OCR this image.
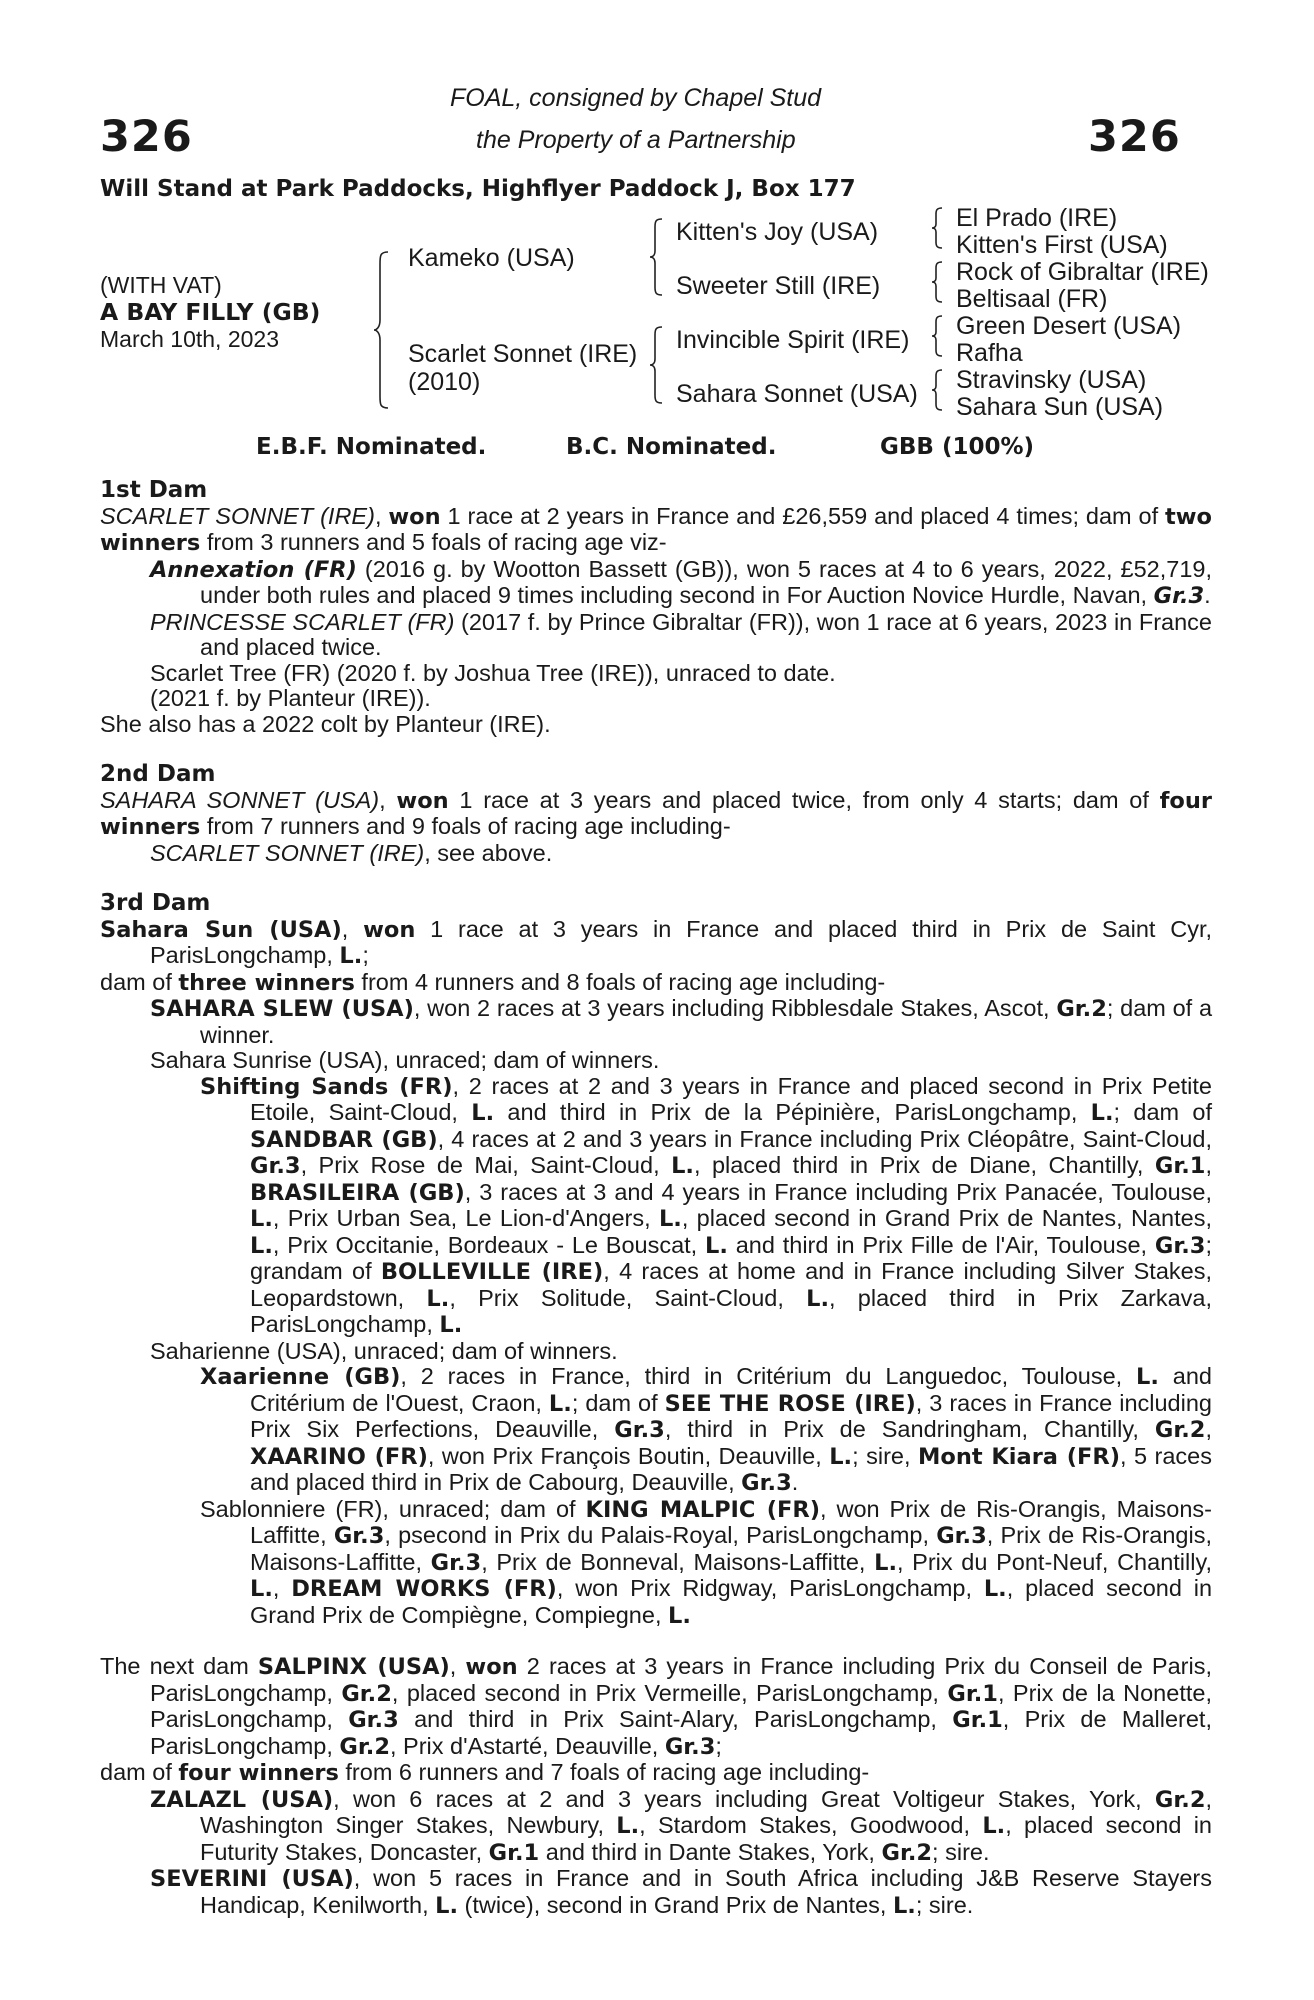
326	326
FOAL, consigned by Chapel Stud
the Property of a Partnership
Will Stand at Park Paddocks, Highflyer Paddock J, Box 177
(WITH VAT)
A BAY FILLY (GB)
March 10th, 2023
Kameko (USA)
Scarlet Sonnet (IRE)
(2010)
Kitten's Joy (USA)
Sweeter Still (IRE)
Invincible Spirit (IRE)
Sahara Sonnet (USA)
El Prado (IRE)
Kitten's First (USA)
Rock of Gibraltar (IRE)
Beltisaal (FR)
Green Desert (USA)
Rafha
Stravinsky (USA)
Sahara Sun (USA)
E.B.F. Nominated.	B.C. Nominated.	GBB (100%)

1st Dam

SCARLET SONNET (IRE), won 1 race at 2 years in France and £26,559 and placed 4 times; dam of two winners from 3 runners and 5 foals of racing age viz-

Annexation (FR) (2016 g. by Wootton Bassett (GB)), won 5 races at 4 to 6 years, 2022, £52,719, under both rules and placed 9 times including second in For Auction Novice Hurdle, Navan, Gr.3.

PRINCESSE SCARLET (FR) (2017 f. by Prince Gibraltar (FR)), won 1 race at 6 years, 2023 in France and placed twice.

Scarlet Tree (FR) (2020 f. by Joshua Tree (IRE)), unraced to date.

(2021 f. by Planteur (IRE)).

She also has a 2022 colt by Planteur (IRE).

2nd Dam

SAHARA SONNET (USA), won 1 race at 3 years and placed twice, from only 4 starts; dam of four winners from 7 runners and 9 foals of racing age including-

SCARLET SONNET (IRE), see above.

3rd Dam

Sahara Sun (USA), won 1 race at 3 years in France and placed third in Prix de Saint Cyr, ParisLongchamp, L.;

dam of three winners from 4 runners and 8 foals of racing age including-

SAHARA SLEW (USA), won 2 races at 3 years including Ribblesdale Stakes, Ascot, Gr.2; dam of a winner.

Sahara Sunrise (USA), unraced; dam of winners.

Shifting Sands (FR), 2 races at 2 and 3 years in France and placed second in Prix Petite Etoile, Saint-Cloud, L. and third in Prix de la Pépinière, ParisLongchamp, L.; dam of SANDBAR (GB), 4 races at 2 and 3 years in France including Prix Cléopâtre, Saint-Cloud, Gr.3, Prix Rose de Mai, Saint-Cloud, L., placed third in Prix de Diane, Chantilly, Gr.1, BRASILEIRA (GB), 3 races at 3 and 4 years in France including Prix Panacée, Toulouse, L., Prix Urban Sea, Le Lion-d'Angers, L., placed second in Grand Prix de Nantes, Nantes, L., Prix Occitanie, Bordeaux - Le Bouscat, L. and third in Prix Fille de l'Air, Toulouse, Gr.3; grandam of BOLLEVILLE (IRE), 4 races at home and in France including Silver Stakes, Leopardstown, L., Prix Solitude, Saint-Cloud, L., placed third in Prix Zarkava, ParisLongchamp, L.

Saharienne (USA), unraced; dam of winners.

Xaarienne (GB), 2 races in France, third in Critérium du Languedoc, Toulouse, L. and Critérium de l'Ouest, Craon, L.; dam of SEE THE ROSE (IRE), 3 races in France including Prix Six Perfections, Deauville, Gr.3, third in Prix de Sandringham, Chantilly, Gr.2, XAARINO (FR), won Prix François Boutin, Deauville, L.; sire, Mont Kiara (FR), 5 races and placed third in Prix de Cabourg, Deauville, Gr.3.

Sablonniere (FR), unraced; dam of KING MALPIC (FR), won Prix de Ris-Orangis, Maisons-Laffitte, Gr.3, psecond in Prix du Palais-Royal, ParisLongchamp, Gr.3, Prix de Ris-Orangis, Maisons-Laffitte, Gr.3, Prix de Bonneval, Maisons-Laffitte, L., Prix du Pont-Neuf, Chantilly, L., DREAM WORKS (FR), won Prix Ridgway, ParisLongchamp, L., placed second in Grand Prix de Compiègne, Compiegne, L.

The next dam SALPINX (USA), won 2 races at 3 years in France including Prix du Conseil de Paris, ParisLongchamp, Gr.2, placed second in Prix Vermeille, ParisLongchamp, Gr.1, Prix de la Nonette, ParisLongchamp, Gr.3 and third in Prix Saint-Alary, ParisLongchamp, Gr.1, Prix de Malleret, ParisLongchamp, Gr.2, Prix d'Astarté, Deauville, Gr.3;

dam of four winners from 6 runners and 7 foals of racing age including-

ZALAZL (USA), won 6 races at 2 and 3 years including Great Voltigeur Stakes, York, Gr.2, Washington Singer Stakes, Newbury, L., Stardom Stakes, Goodwood, L., placed second in Futurity Stakes, Doncaster, Gr.1 and third in Dante Stakes, York, Gr.2; sire.

SEVERINI (USA), won 5 races in France and in South Africa including J&B Reserve Stayers Handicap, Kenilworth, L. (twice), second in Grand Prix de Nantes, L.; sire.
